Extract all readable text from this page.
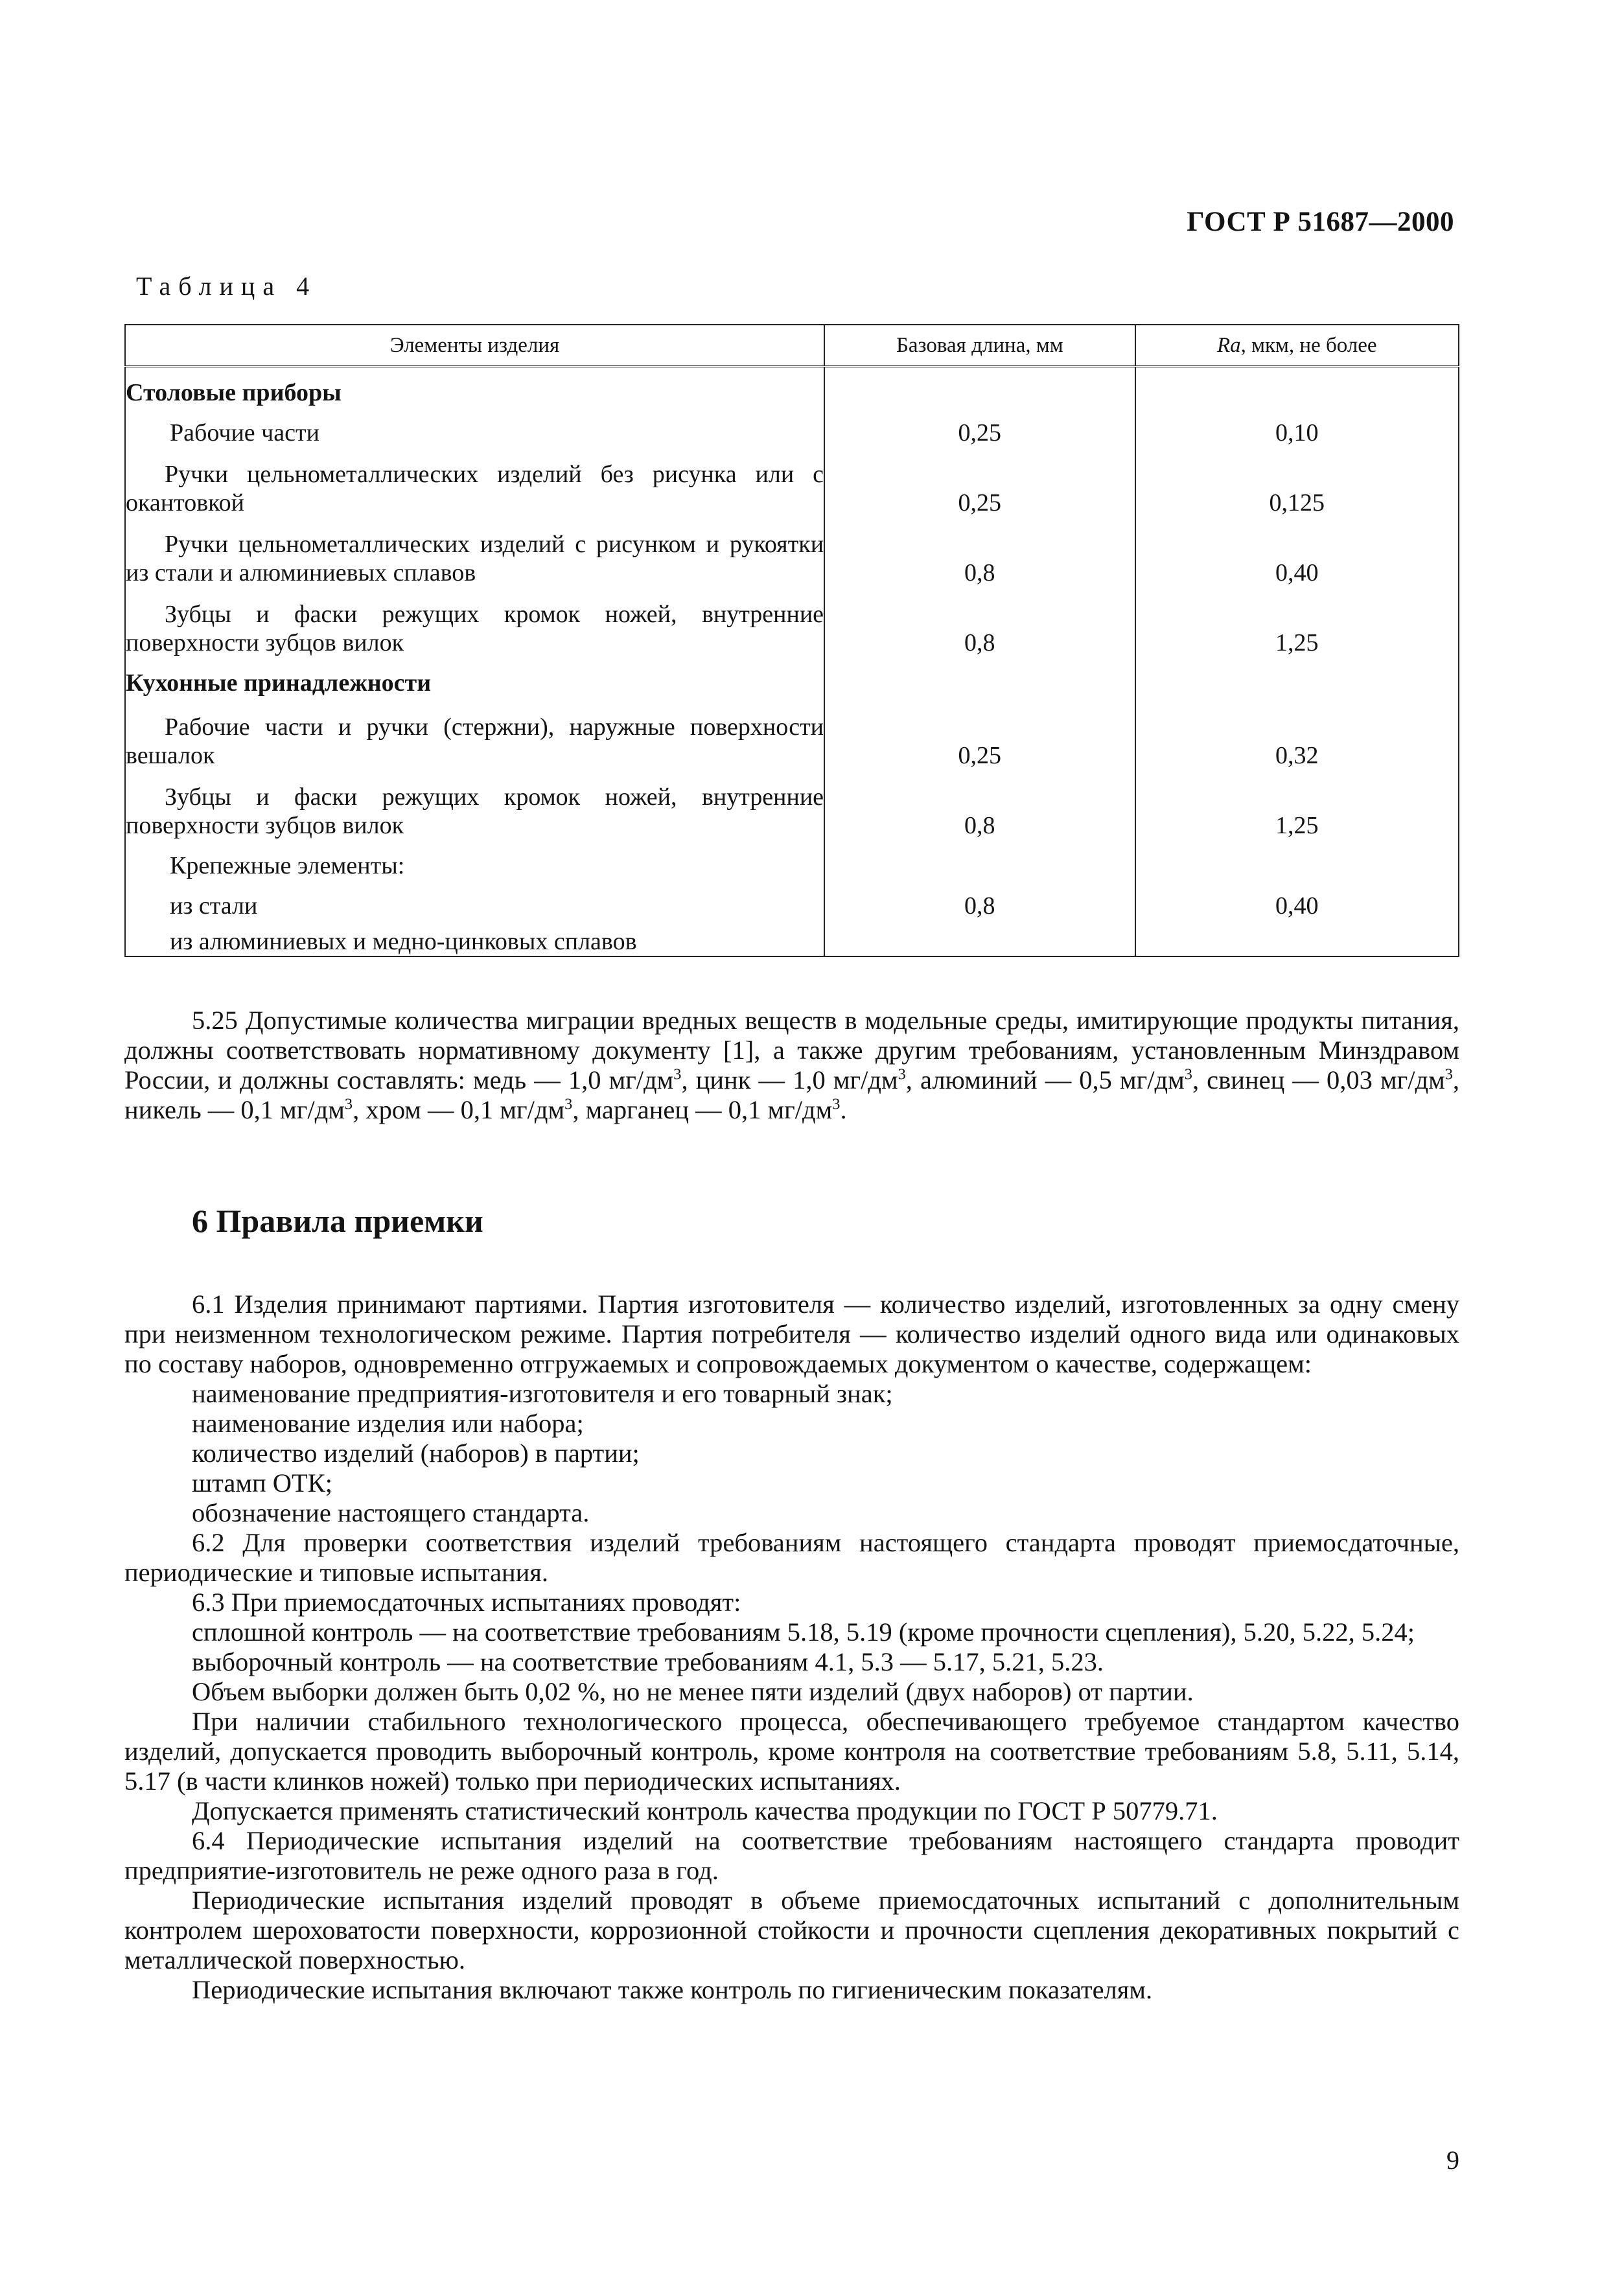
ГОСТ Р 51687—2000
Таблица 4
Элементы изделия	Базовая длина, мм	Ra, мкм, не более
Столовые приборы		
Рабочие части	0,25	0,10

Ручки цельнометаллических изделий без рисунка или с окантовкой	0,25	0,125

Ручки цельнометаллических изделий с рисунком и рукоятки из стали и алюминиевых сплавов	0,8	0,40

Зубцы и фаски режущих кромок ножей, внутренние поверхности зубцов вилок	0,8	1,25
Кухонные принадлежности		

Рабочие части и ручки (стержни), наружные поверхности вешалок	0,25	0,32

Зубцы и фаски режущих кромок ножей, внутренние поверхности зубцов вилок	0,8	1,25
Крепежные элементы:		
из стали	0,8	0,40
из алюминиевых и медно-цинковых сплавов		

5.25 Допустимые количества миграции вредных веществ в модельные среды, имитирующие продукты питания, должны соответствовать нормативному документу [1], а также другим требованиям, установленным Минздравом России, и должны составлять: медь — 1,0 $мг/дм^3$, цинк — 1,0 $мг/дм^3$, алюминий — 0,5 $мг/дм^3$, свинец — 0,03 $мг/дм^3$, никель — 0,1 $мг/дм^3$, хром — 0,1 $мг/дм^3$, марганец — 0,1 $мг/дм^3$.

6 Правила приемки

6.1 Изделия принимают партиями. Партия изготовителя — количество изделий, изготовленных за одну смену при неизменном технологическом режиме. Партия потребителя — количество изделий одного вида или одинаковых по составу наборов, одновременно отгружаемых и сопровождаемых документом о качестве, содержащем:

наименование предприятия-изготовителя и его товарный знак;

наименование изделия или набора;

количество изделий (наборов) в партии;

штамп ОТК;

обозначение настоящего стандарта.

6.2 Для проверки соответствия изделий требованиям настоящего стандарта проводят приемосдаточные, периодические и типовые испытания.

6.3 При приемосдаточных испытаниях проводят:

сплошной контроль — на соответствие требованиям 5.18, 5.19 (кроме прочности сцепления), 5.20, 5.22, 5.24;

выборочный контроль — на соответствие требованиям 4.1, 5.3 — 5.17, 5.21, 5.23.

Объем выборки должен быть 0,02 %, но не менее пяти изделий (двух наборов) от партии.

При наличии стабильного технологического процесса, обеспечивающего требуемое стандартом качество изделий, допускается проводить выборочный контроль, кроме контроля на соответствие требованиям 5.8, 5.11, 5.14, 5.17 (в части клинков ножей) только при периодических испытаниях.

Допускается применять статистический контроль качества продукции по ГОСТ Р 50779.71.

6.4 Периодические испытания изделий на соответствие требованиям настоящего стандарта проводит предприятие-изготовитель не реже одного раза в год.

Периодические испытания изделий проводят в объеме приемосдаточных испытаний с дополнительным контролем шероховатости поверхности, коррозионной стойкости и прочности сцепления декоративных покрытий с металлической поверхностью.

Периодические испытания включают также контроль по гигиеническим показателям.

9
